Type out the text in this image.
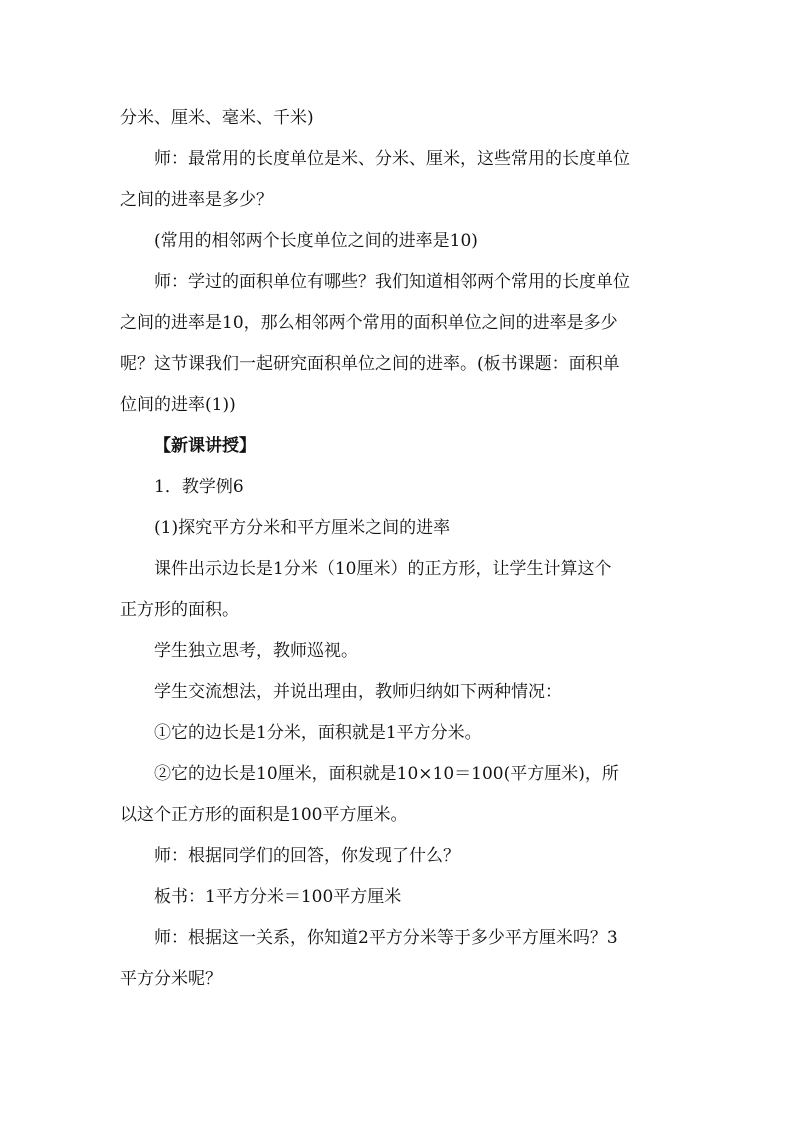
分米、厘米、毫米、千米)
师：最常用的长度单位是米、分米、厘米，这些常用的长度单位
之间的进率是多少？
(常用的相邻两个长度单位之间的进率是10)
师：学过的面积单位有哪些？我们知道相邻两个常用的长度单位
之间的进率是10，那么相邻两个常用的面积单位之间的进率是多少
呢？这节课我们一起研究面积单位之间的进率。(板书课题：面积单
位间的进率(1))
【新课讲授】
1．教学例6
(1)探究平方分米和平方厘米之间的进率
课件出示边长是1分米（10厘米）的正方形，让学生计算这个
正方形的面积。
学生独立思考，教师巡视。
学生交流想法，并说出理由，教师归纳如下两种情况：
①它的边长是1分米，面积就是1平方分米。
②它的边长是10厘米，面积就是10×10＝100(平方厘米)，所
以这个正方形的面积是100平方厘米。
师：根据同学们的回答，你发现了什么？
板书：1平方分米＝100平方厘米
师：根据这一关系，你知道2平方分米等于多少平方厘米吗？3
平方分米呢？
